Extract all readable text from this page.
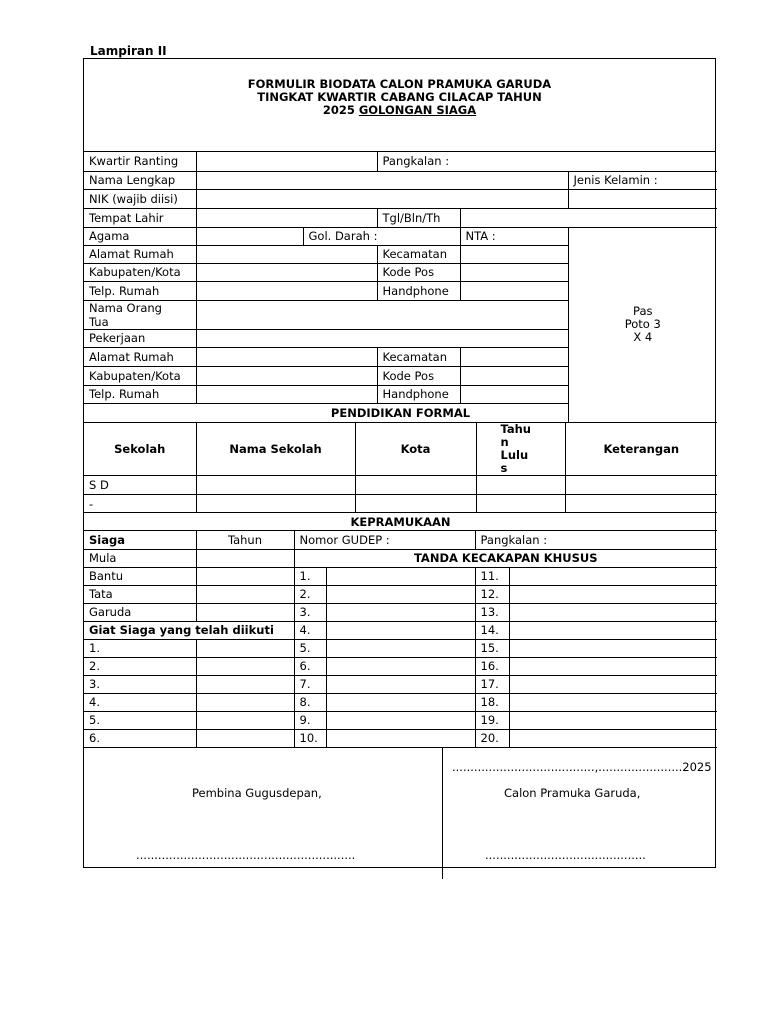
Lampiran II
FORMULIR BIODATA CALON PRAMUKA GARUDA
TINGKAT KWARTIR CABANG CILACAP TAHUN
2025 GOLONGAN SIAGA
Kwartir Ranting			Pangkalan :		
Nama Lengkap					Jenis Kelamin :
NIK (wajib diisi)					
Tempat Lahir			Tgl/Bln/Th		
Agama		Gol. Darah :		NTA :	Pas
Poto 3
X 4

Alamat Rumah			Kecamatan		
Kabupaten/Kota			Kode Pos		
Telp. Rumah			Handphone		

Nama Orang
Tua					

Pekerjaan					
Alamat Rumah			Kecamatan		
Kabupaten/Kota			Kode Pos		
Telp. Rumah			Handphone		
PENDIDIKAN FORMAL					
Sekolah	Nama Sekolah	Kota	Tahu
n
Lulu
s	Keterangan
S D				
-				
KEPRAMUKAAN				
Siaga	Tahun	Nomor GUDEP :		Pangkalan :	
Mula		TANDA KECAKAPAN KHUSUS			
Bantu		1.		11.	
Tata		2.		12.	
Garuda		3.		13.	
Giat Siaga yang telah diikuti		4.		14.	
1.		5.		15.	
2.		6.		16.	
3.		7.		17.	
4.		8.		18.	
5.		9.		19.	
6.		10.		20.	
.......................................,.......................2025
Pembina Gugusdepan,	Calon Pramuka Garuda,
............................................................	............................................
